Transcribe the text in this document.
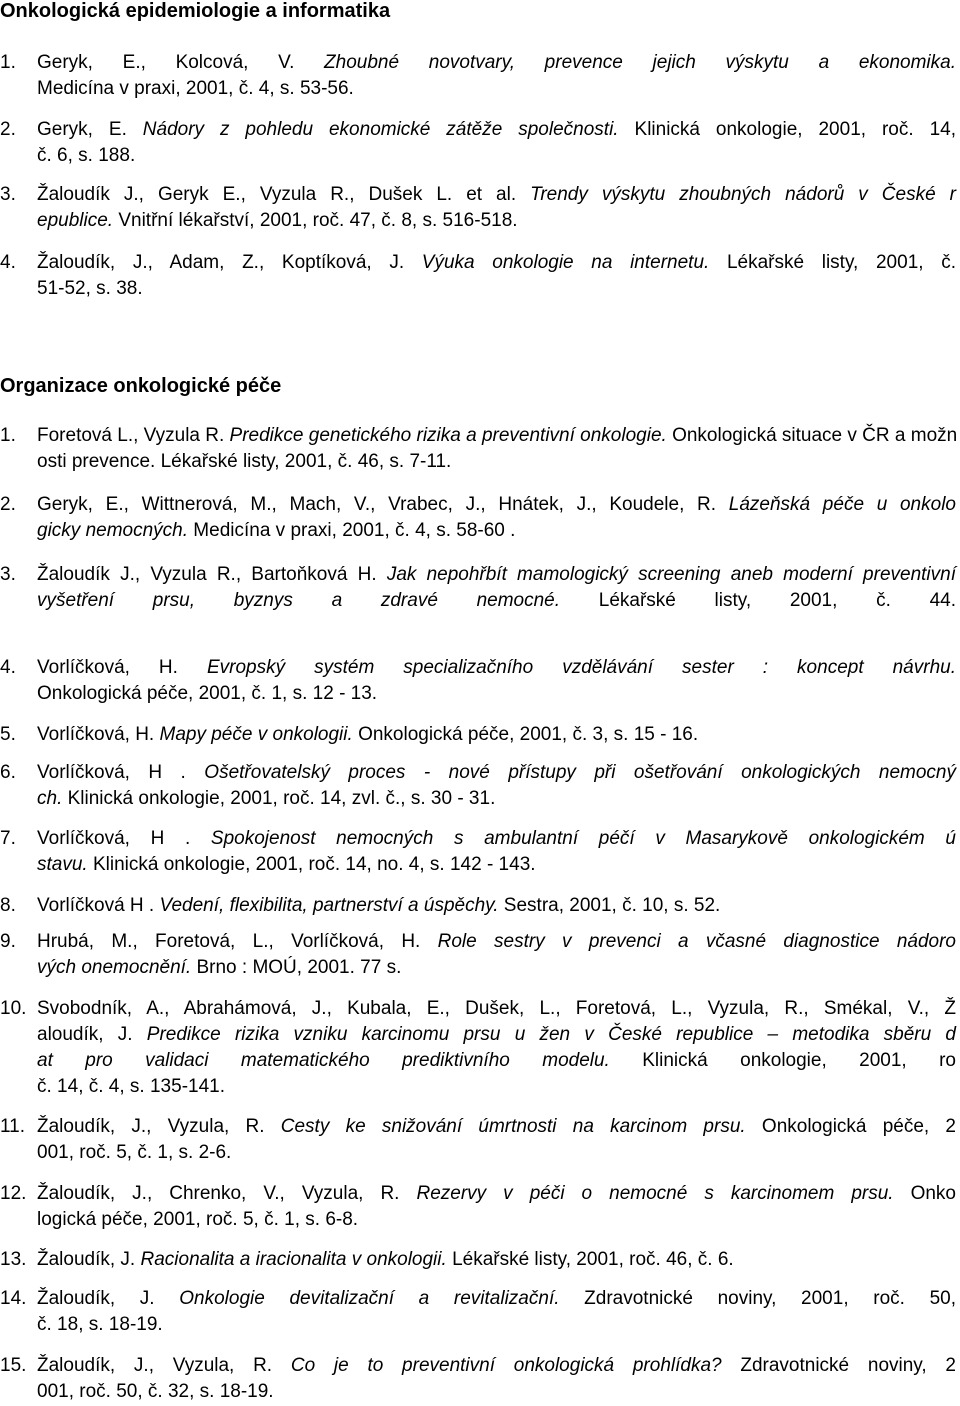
Onkologická epidemiologie a informatika
1. Geryk, E., Kolcová, V. Zhoubné novotvary, prevence jejich výskytu a ekonomika.
Medicína v praxi, 2001, č. 4, s. 53-56.
2. Geryk, E. Nádory z pohledu ekonomické zátěže společnosti. Klinická onkologie, 2001, roč. 14,
č. 6, s. 188.
3. Žaloudík J., Geryk E., Vyzula R., Dušek L. et al. Trendy výskytu zhoubných nádorů v České r
epublice. Vnitřní lékařství, 2001, roč. 47, č. 8, s. 516-518.
4. Žaloudík, J., Adam, Z., Koptíková, J. Výuka onkologie na internetu. Lékařské listy, 2001, č.
51-52, s. 38.
Organizace onkologické péče
1. Foretová L., Vyzula R. Predikce genetického rizika a preventivní onkologie. Onkologická situace v ČR a možn
osti prevence. Lékařské listy, 2001, č. 46, s. 7-11.
2. Geryk, E., Wittnerová, M., Mach, V., Vrabec, J., Hnátek, J., Koudele, R. Lázeňská péče u onkolo
gicky nemocných. Medicína v praxi, 2001, č. 4, s. 58-60 .
3. Žaloudík J., Vyzula R., Bartoňková H. Jak nepohřbít mamologický screening aneb moderní preventivní
vyšetření prsu, byznys a zdravé nemocné. Lékařské listy, 2001, č. 44.
4. Vorlíčková, H. Evropský systém specializačního vzdělávání sester : koncept návrhu.
Onkologická péče, 2001, č. 1, s. 12 - 13.
5. Vorlíčková, H. Mapy péče v onkologii. Onkologická péče, 2001, č. 3, s. 15 - 16.
6. Vorlíčková, H . Ošetřovatelský proces - nové přístupy při ošetřování onkologických nemocný
ch. Klinická onkologie, 2001, roč. 14, zvl. č., s. 30 - 31.
7. Vorlíčková, H . Spokojenost nemocných s ambulantní péčí v Masarykově onkologickém ú
stavu. Klinická onkologie, 2001, roč. 14, no. 4, s. 142 - 143.
8. Vorlíčková H . Vedení, flexibilita, partnerství a úspěchy. Sestra, 2001, č. 10, s. 52.
9. Hrubá, M., Foretová, L., Vorlíčková, H. Role sestry v prevenci a včasné diagnostice nádoro
vých onemocnění. Brno : MOÚ, 2001. 77 s.
10. Svobodník, A., Abrahámová, J., Kubala, E., Dušek, L., Foretová, L., Vyzula, R., Smékal, V., Ž
aloudík, J. Predikce rizika vzniku karcinomu prsu u žen v České republice – metodika sběru d
at pro validaci matematického prediktivního modelu. Klinická onkologie, 2001, ro
č. 14, č. 4, s. 135-141.
11. Žaloudík, J., Vyzula, R. Cesty ke snižování úmrtnosti na karcinom prsu. Onkologická péče, 2
001, roč. 5, č. 1, s. 2-6.
12. Žaloudík, J., Chrenko, V., Vyzula, R. Rezervy v péči o nemocné s karcinomem prsu. Onko
logická péče, 2001, roč. 5, č. 1, s. 6-8.
13. Žaloudík, J. Racionalita a iracionalita v onkologii. Lékařské listy, 2001, roč. 46, č. 6.
14. Žaloudík, J. Onkologie devitalizační a revitalizační. Zdravotnické noviny, 2001, roč. 50,
č. 18, s. 18-19.
15. Žaloudík, J., Vyzula, R. Co je to preventivní onkologická prohlídka? Zdravotnické noviny, 2
001, roč. 50, č. 32, s. 18-19.
